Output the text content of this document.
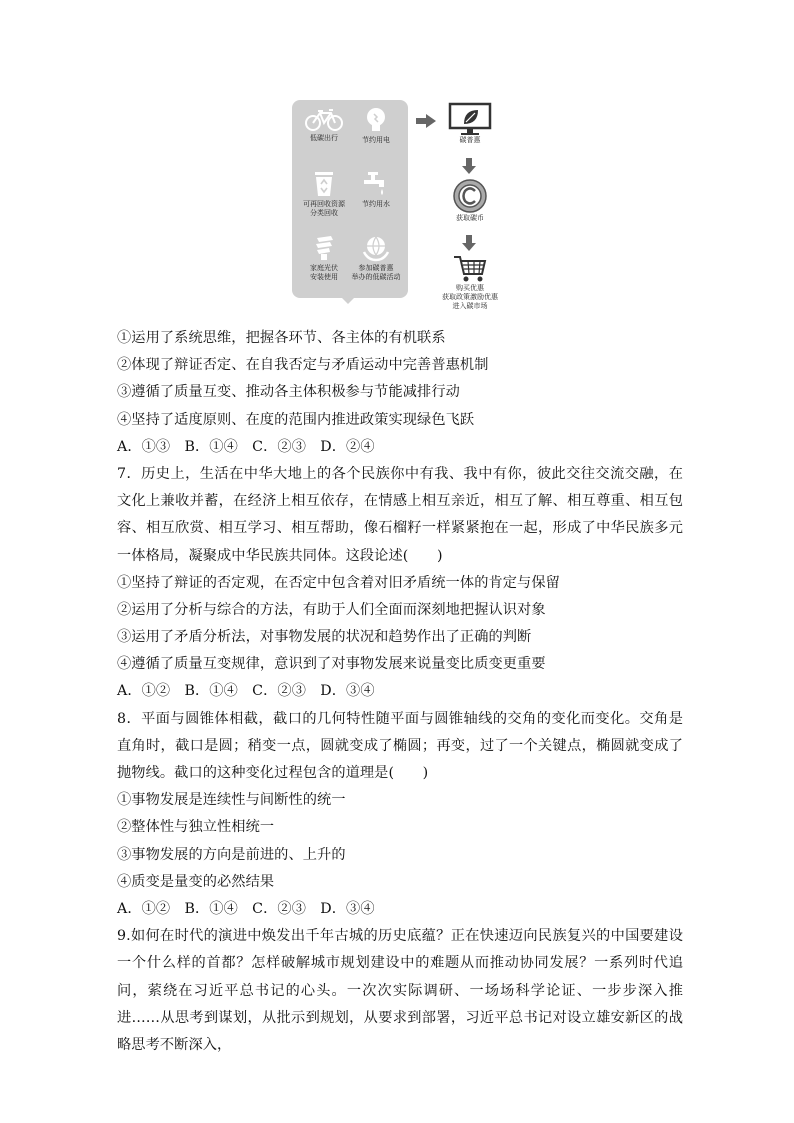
低碳出行	节约用电
可再回收资源
分类回收
节约用水
家庭光伏
安装使用
参加碳普惠
举办的低碳活动
碳普惠
获取碳币
购买优惠
获取政策激励优惠
进入碳市场
①运用了系统思维，把握各环节、各主体的有机联系
②体现了辩证否定、在自我否定与矛盾运动中完善普惠机制
③遵循了质量互变、推动各主体积极参与节能减排行动
④坚持了适度原则、在度的范围内推进政策实现绿色飞跃
A．①③　B．①④　C．②③　D．②④
7．历史上，生活在中华大地上的各个民族你中有我、我中有你，彼此交往交流交融，在文化上兼收并蓄，在经济上相互依存，在情感上相互亲近，相互了解、相互尊重、相互包容、相互欣赏、相互学习、相互帮助，像石榴籽一样紧紧抱在一起，形成了中华民族多元一体格局，凝聚成中华民族共同体。这段论述(　　)
①坚持了辩证的否定观，在否定中包含着对旧矛盾统一体的肯定与保留
②运用了分析与综合的方法，有助于人们全面而深刻地把握认识对象
③运用了矛盾分析法，对事物发展的状况和趋势作出了正确的判断
④遵循了质量互变规律，意识到了对事物发展来说量变比质变更重要
A．①②　B．①④　C．②③　D．③④
8．平面与圆锥体相截，截口的几何特性随平面与圆锥轴线的交角的变化而变化。交角是直角时，截口是圆；稍变一点，圆就变成了椭圆；再变，过了一个关键点，椭圆就变成了抛物线。截口的这种变化过程包含的道理是(　　)
①事物发展是连续性与间断性的统一
②整体性与独立性相统一
③事物发展的方向是前进的、上升的
④质变是量变的必然结果
A．①②　B．①④　C．②③　D．③④
9.如何在时代的演进中焕发出千年古城的历史底蕴？正在快速迈向民族复兴的中国要建设一个什么样的首都？怎样破解城市规划建设中的难题从而推动协同发展？一系列时代追问，萦绕在习近平总书记的心头。一次次实际调研、一场场科学论证、一步步深入推进……从思考到谋划，从批示到规划，从要求到部署，习近平总书记对设立雄安新区的战略思考不断深入，
